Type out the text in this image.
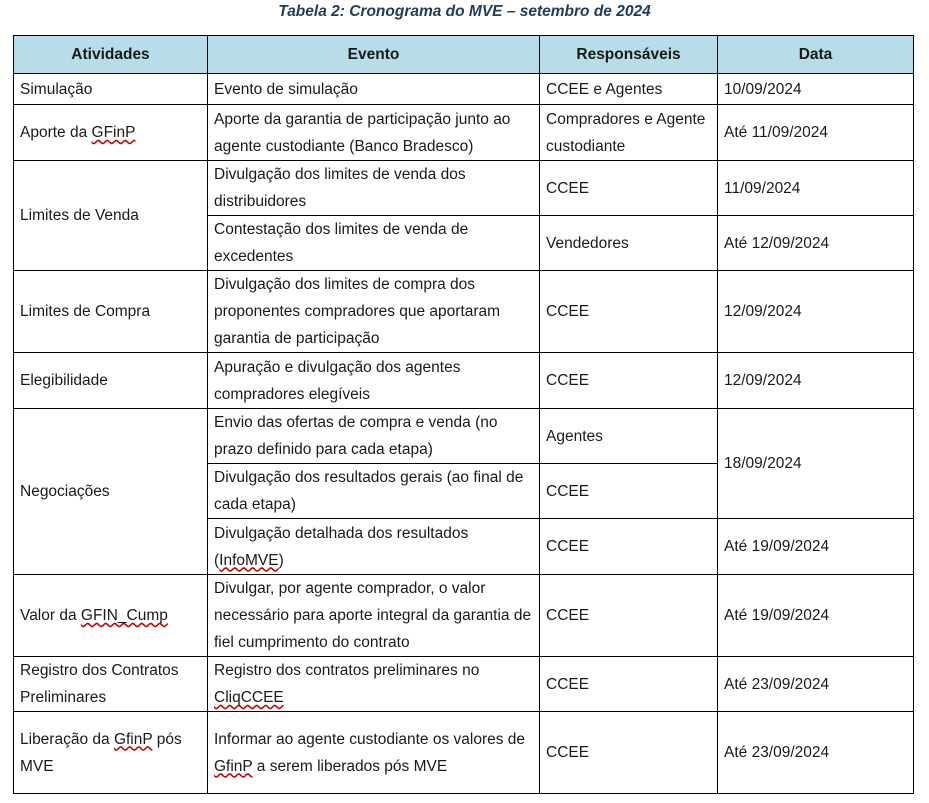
Tabela 2: Cronograma do MVE – setembro de 2024
Atividades	Evento	Responsáveis	Data
Simulação	Evento de simulação	CCEE e Agentes	10/09/2024
Aporte da GFinP	Aporte da garantia de participação junto ao agente custodiante (Banco Bradesco)	Compradores e Agente custodiante	Até 11/09/2024
Limites de Venda	Divulgação dos limites de venda dos distribuidores	CCEE	11/09/2024
	Contestação dos limites de venda de excedentes	Vendedores	Até 12/09/2024
Limites de Compra	Divulgação dos limites de compra dos proponentes compradores que aportaram garantia de participação	CCEE	12/09/2024
Elegibilidade	Apuração e divulgação dos agentes compradores elegíveis	CCEE	12/09/2024
Negociações	Envio das ofertas de compra e venda (no prazo definido para cada etapa)	Agentes	18/09/2024
	Divulgação dos resultados gerais (ao final de cada etapa)	CCEE	
	Divulgação detalhada dos resultados (InfoMVE)	CCEE	Até 19/09/2024
Valor da GFIN_Cump	Divulgar, por agente comprador, o valor necessário para aporte integral da garantia de fiel cumprimento do contrato	CCEE	Até 19/09/2024
Registro dos Contratos Preliminares	Registro dos contratos preliminares no CliqCCEE	CCEE	Até 23/09/2024
Liberação da GfinP pós MVE	Informar ao agente custodiante os valores de GfinP a serem liberados pós MVE	CCEE	Até 23/09/2024
